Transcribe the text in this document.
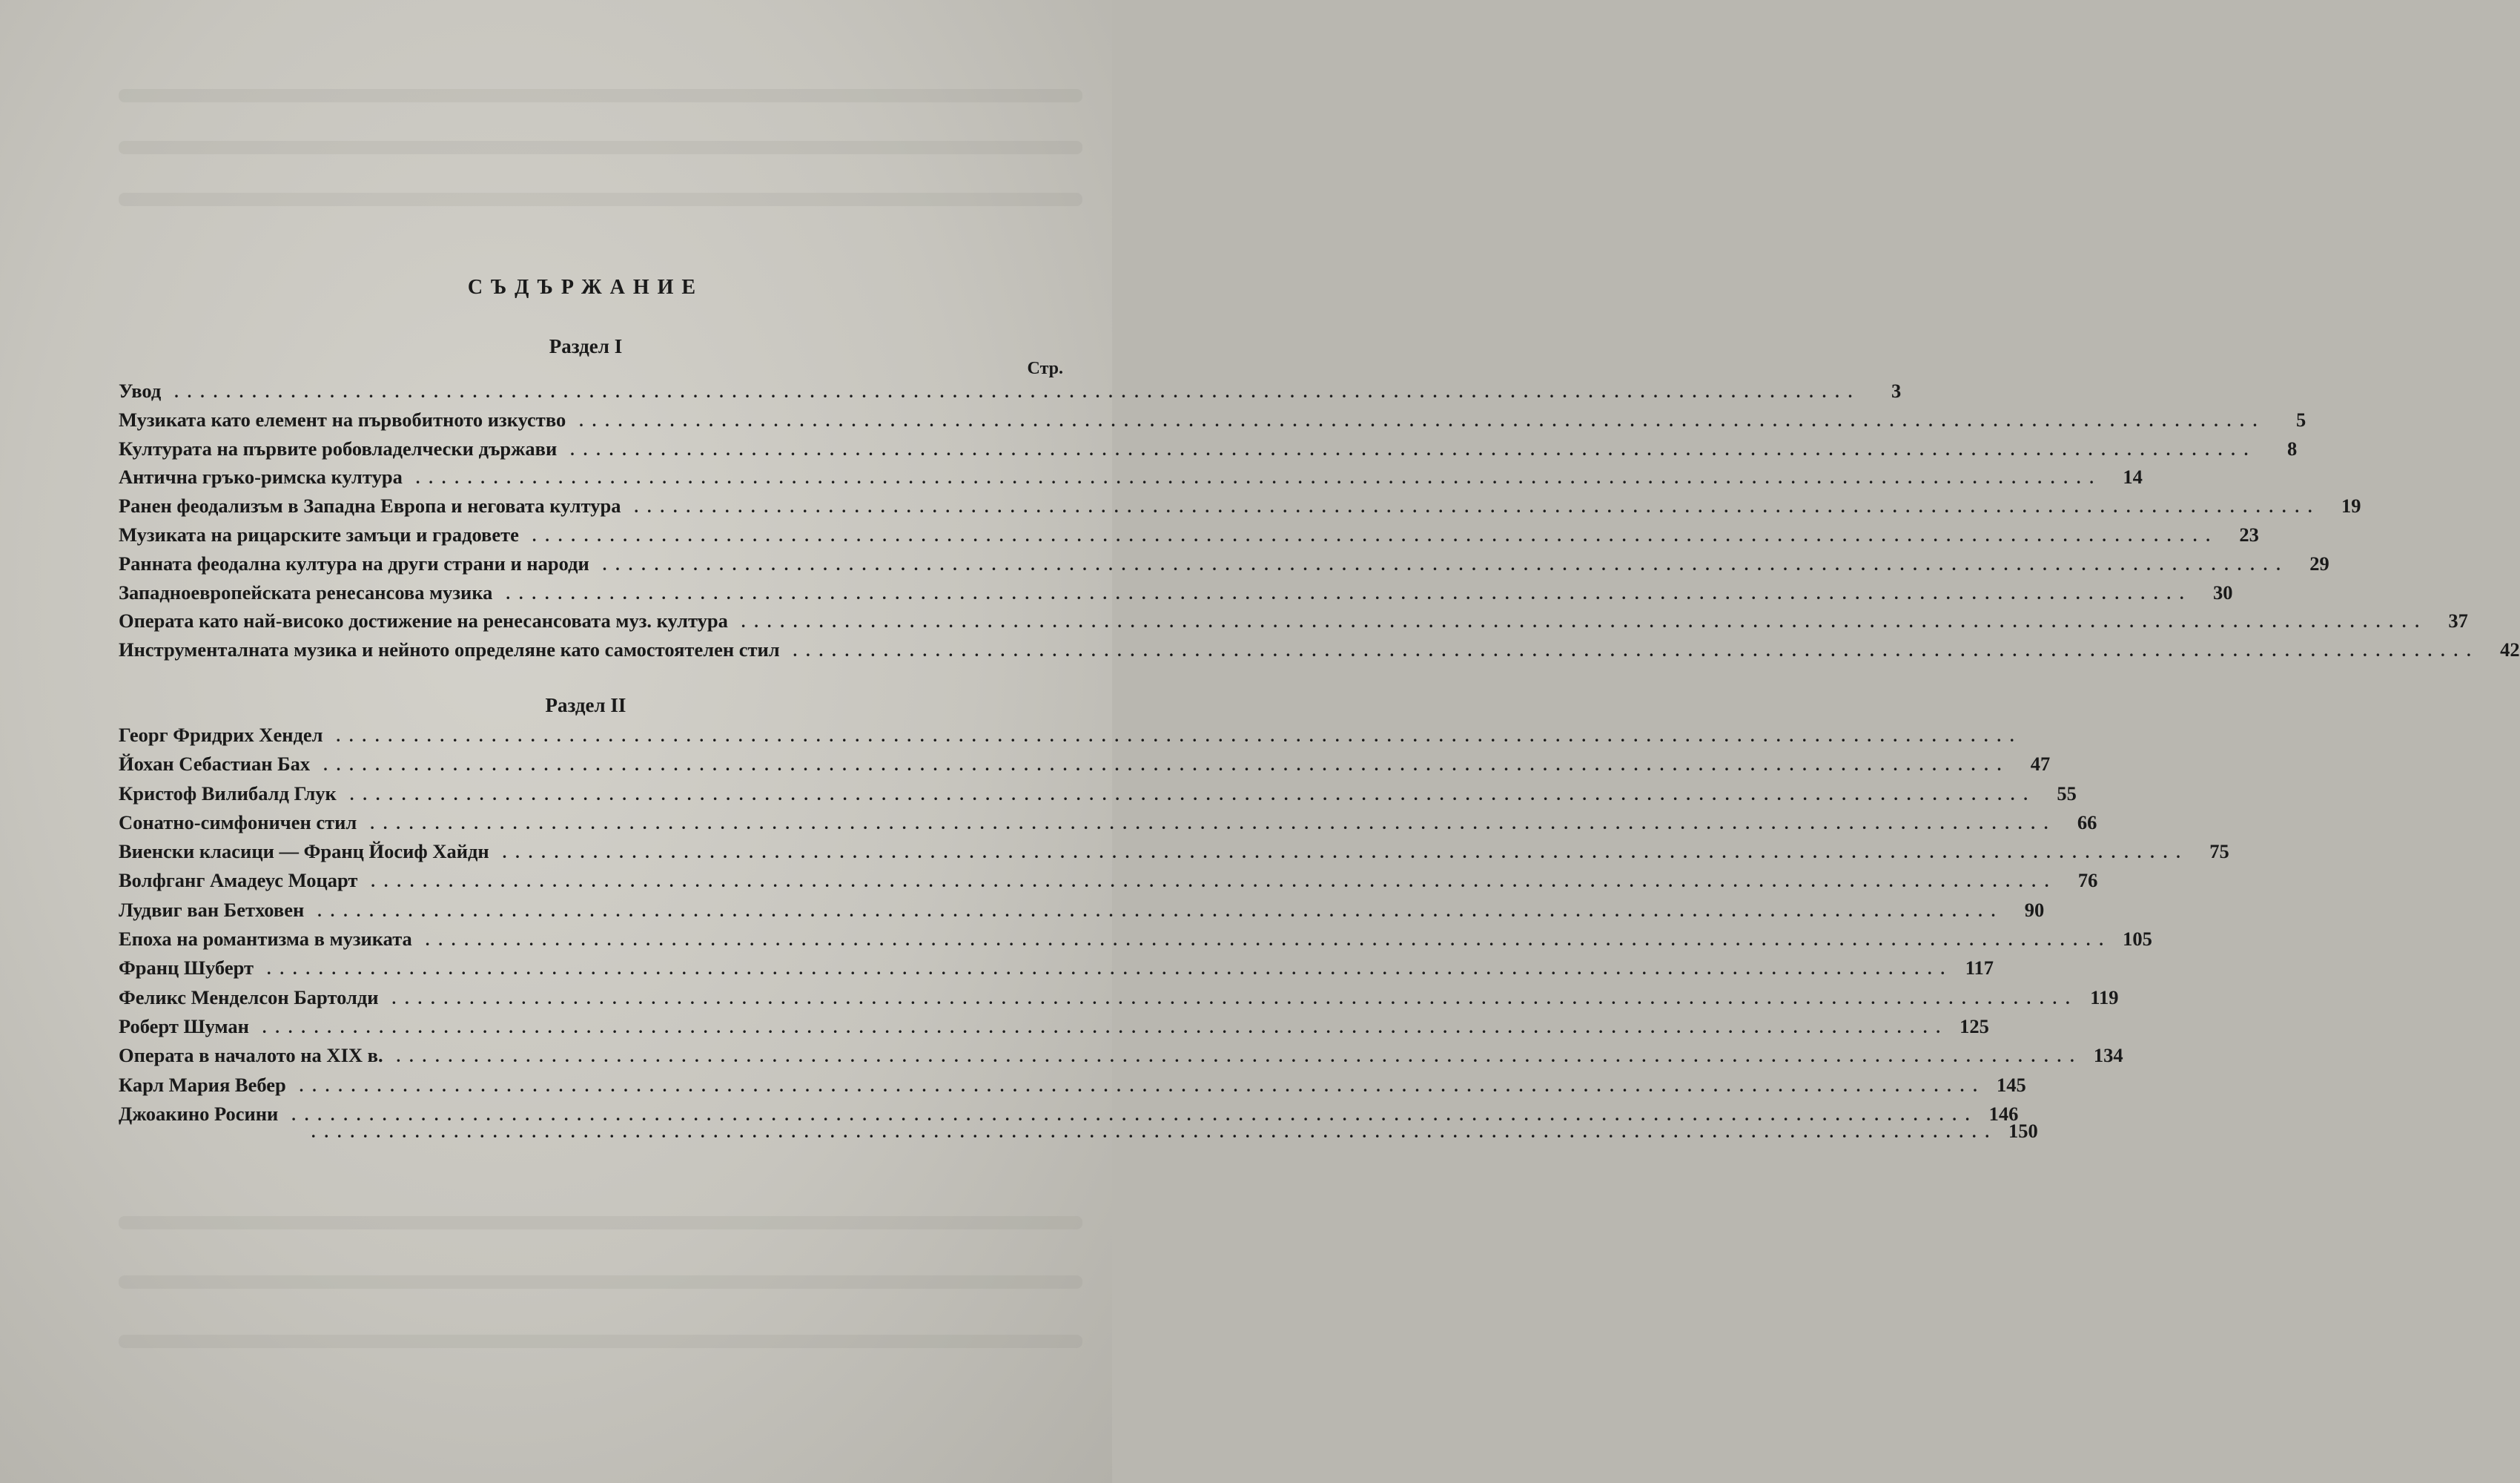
СЪДЪРЖАНИЕ
Раздел I
Стр.
Увод ..................................................................................................................................	3
Музиката като елемент на първобитното изкуство ..................................................................................................................................	5
Културата на първите робовладелчески държави ..................................................................................................................................	8
Антична гръко-римска култура ..................................................................................................................................	14
Ранен феодализъм в Западна Европа и неговата култура ..................................................................................................................................	19
Музиката на рицарските замъци и градовете ..................................................................................................................................	23
Ранната феодална култура на други страни и народи ..................................................................................................................................	29
Западноевропейската ренесансова музика ..................................................................................................................................	30
Операта като най-високо достижение на ренесансовата муз. култура ..................................................................................................................................	37
Инструменталната музика и нейното определяне като самостоятелен стил ..................................................................................................................................	42
Раздел II
Георг Фридрих Хендел ..................................................................................................................................
Йохан Себастиан Бах ..................................................................................................................................	47
Кристоф Вилибалд Глук ..................................................................................................................................	55
Сонатно-симфоничен стил ..................................................................................................................................	66
Виенски класици — Франц Йосиф Хайдн ..................................................................................................................................	75
Волфганг Амадеус Моцарт ..................................................................................................................................	76
Лудвиг ван Бетховен ..................................................................................................................................	90
Епоха на романтизма в музиката .................................................................................................................................. 105
Франц Шуберт .................................................................................................................................. 117
Феликс Менделсон Бартолди .................................................................................................................................. 119
Роберт Шуман .................................................................................................................................. 125
Операта в началото на XIX в. .................................................................................................................................. 134
Карл Мария Вебер .................................................................................................................................. 145
Джоакино Росини .................................................................................................................................. 146
.................................................................................................................................. 150
